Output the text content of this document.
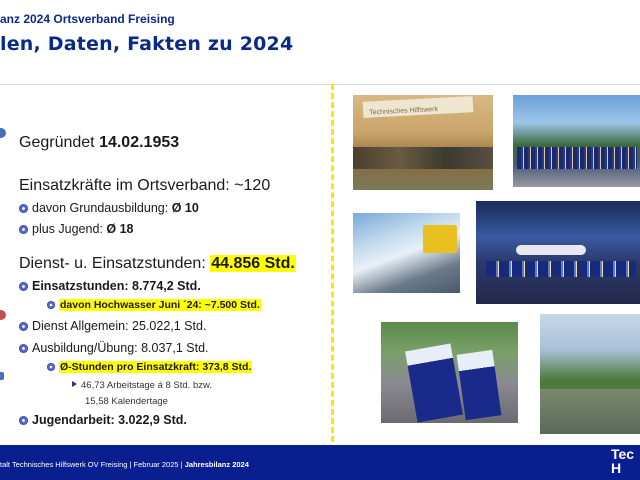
anz 2024 Ortsverband Freising
len, Daten, Fakten zu 2024
Gegründet 14.02.1953
Einsatzkräfte im Ortsverband: ~120
davon Grundausbildung: Ø 10
plus Jugend: Ø 18
Dienst- u. Einsatzstunden: 44.856 Std.
Einsatzstunden: 8.774,2 Std.
davon Hochwasser Juni ´24: ~7.500 Std.
Dienst Allgemein: 25.022,1 Std.
Ausbildung/Übung: 8.037,1 Std.
Ø-Stunden pro Einsatzkraft: 373,8 Std.
46,73 Arbeitstage á 8 Std. bzw.
15,58 Kalendertage
Jugendarbeit: 3.022,9 Std.
Technisches Hilfswerk
talt Technisches Hilfswerk OV Freising | Februar 2025 | Jahresbilanz 2024
Tec
H
